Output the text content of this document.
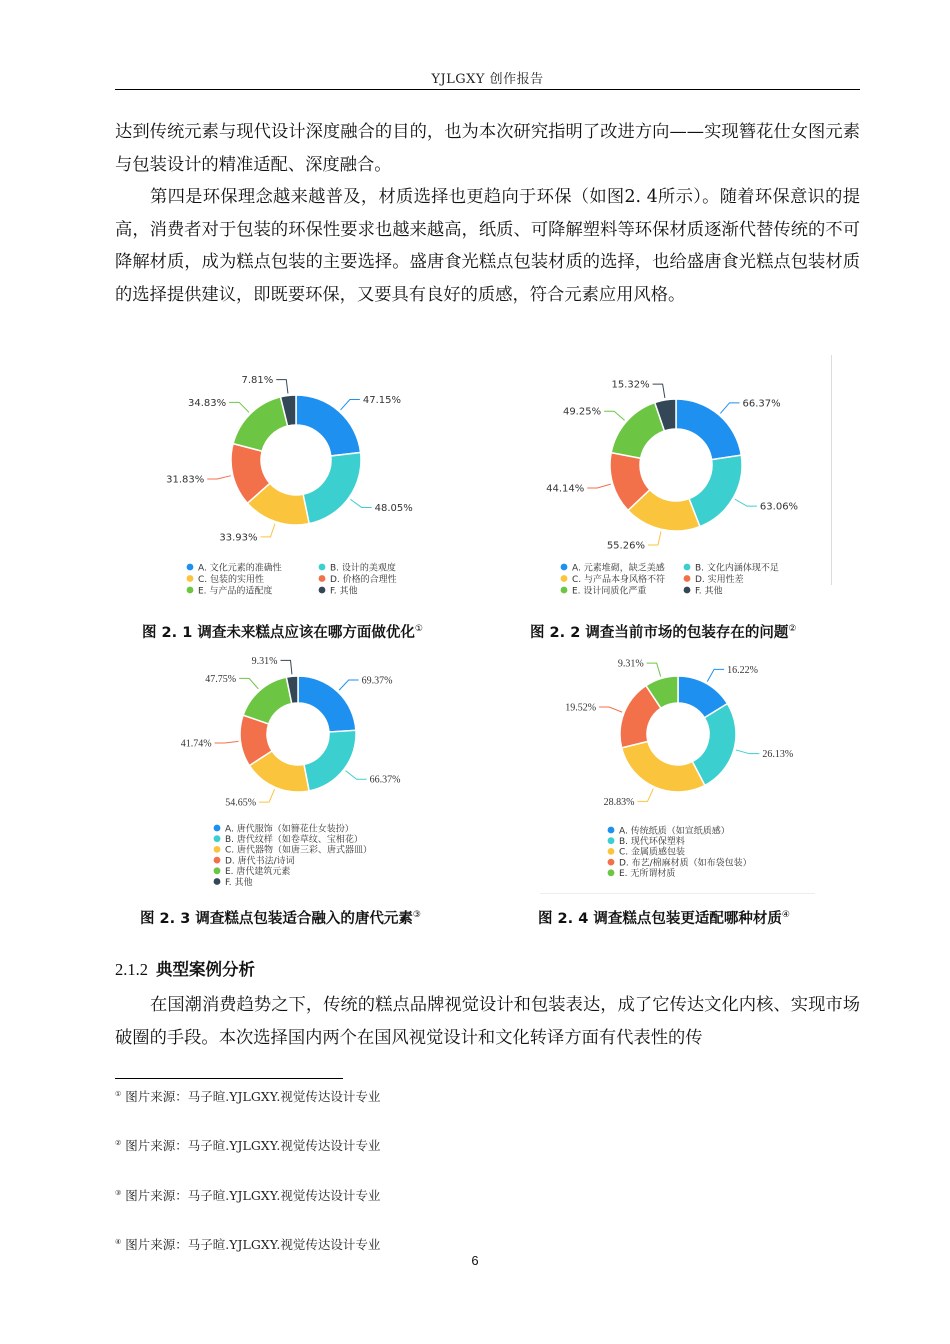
YJLGXY 创作报告

达到传统元素与现代设计深度融合的目的，也为本次研究指明了改进方向——实现簪花仕女图元素与包装设计的精准适配、深度融合。

第四是环保理念越来越普及，材质选择也更趋向于环保（如图2. 4所示）。随着环保意识的提高，消费者对于包装的环保性要求也越来越高，纸质、可降解塑料等环保材质逐渐代替传统的不可降解材质，成为糕点包装的主要选择。盛唐食光糕点包装材质的选择，也给盛唐食光糕点包装材质的选择提供建议，即既要环保，又要具有良好的质感，符合元素应用风格。

47.15%
48.05%
33.93%
31.83%
34.83%
7.81%
A. 文化元素的准确性	B. 设计的美观度
C. 包装的实用性	D. 价格的合理性
E. 与产品的适配度	F. 其他
66.37%
63.06%
55.26%
44.14%
49.25%
15.32%
A. 元素堆砌，缺乏美感	B. 文化内涵体现不足
C. 与产品本身风格不符	D. 实用性差
E. 设计同质化严重	F. 其他
69.37%
66.37%
54.65%
41.74%
47.75%
9.31%
A. 唐代服饰（如簪花仕女装扮）
B. 唐代纹样（如卷草纹、宝相花）
C. 唐代器物（如唐三彩、唐式器皿）
D. 唐代书法/诗词
E. 唐代建筑元素
F. 其他
16.22%
26.13%
28.83%
19.52%
9.31%
A. 传统纸质（如宣纸质感）
B. 现代环保塑料
C. 金属质感包装
D. 布艺/棉麻材质（如布袋包装）
E. 无所谓材质
图 2. 1 调查未来糕点应该在哪方面做优化①	图 2. 2 调查当前市场的包装存在的问题②
图 2. 3 调查糕点包装适合融入的唐代元素③	图 2. 4 调查糕点包装更适配哪种材质④
2.1.2 典型案例分析

在国潮消费趋势之下，传统的糕点品牌视觉设计和包装表达，成了它传达文化内核、实现市场破圈的手段。本次选择国内两个在国风视觉设计和文化转译方面有代表性的传

① 图片来源：马子暄.YJLGXY.视觉传达设计专业
② 图片来源：马子暄.YJLGXY.视觉传达设计专业
③ 图片来源：马子暄.YJLGXY.视觉传达设计专业
④ 图片来源：马子暄.YJLGXY.视觉传达设计专业
6
